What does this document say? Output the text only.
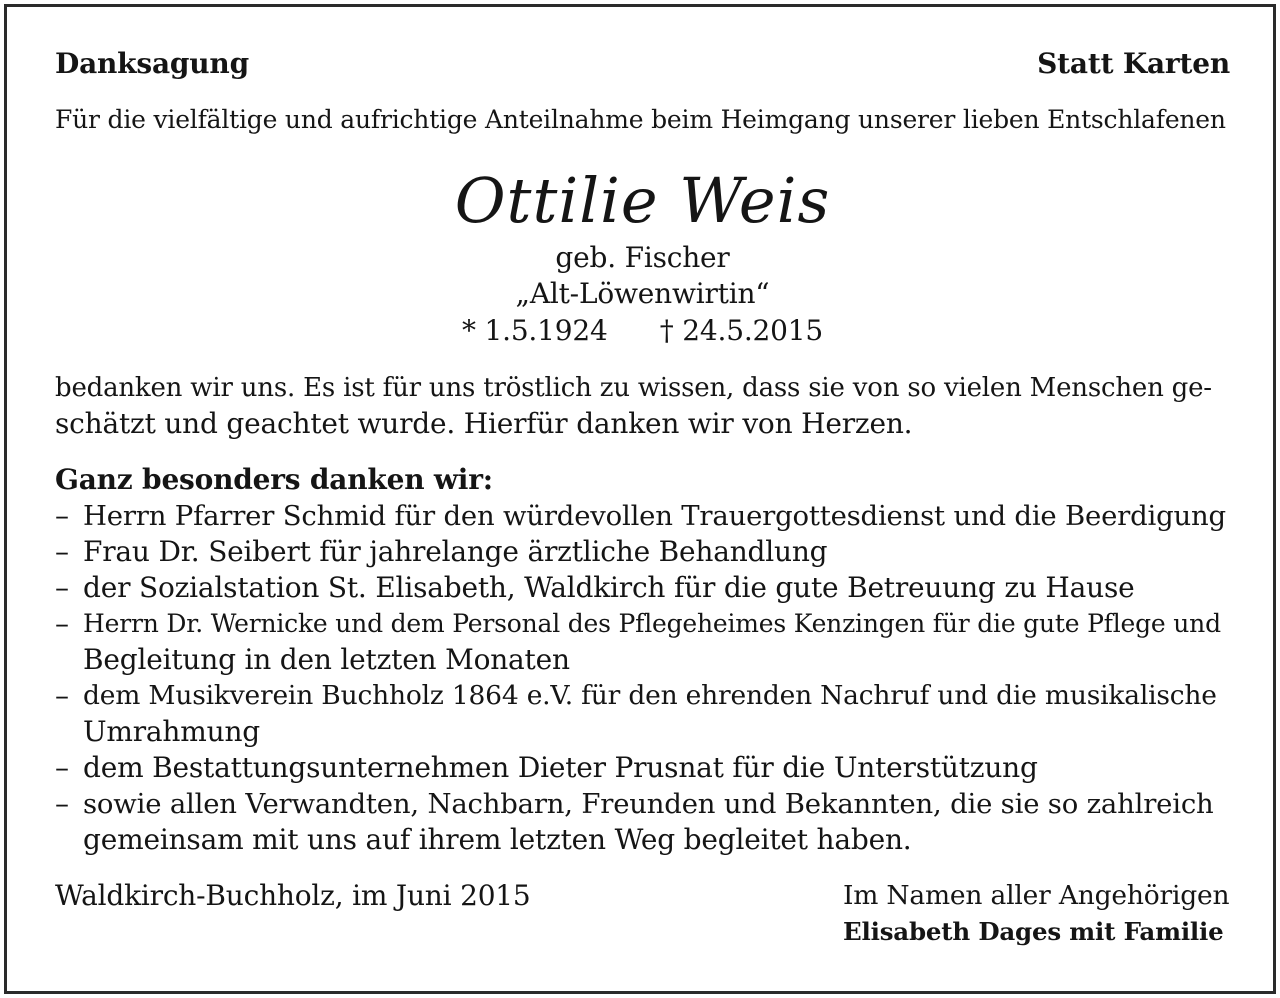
Danksagung	Statt Karten
Für die vielfältige und aufrichtige Anteilnahme beim Heimgang unserer lieben Entschlafenen
Ottilie Weis
geb. Fischer
„Alt-Löwenwirtin“
* 1.5.1924      † 24.5.2015
bedanken wir uns. Es ist für uns tröstlich zu wissen, dass sie von so vielen Menschen ge-
schätzt und geachtet wurde. Hierfür danken wir von Herzen.
Ganz besonders danken wir:
– Herrn Pfarrer Schmid für den würdevollen Trauergottesdienst und die Beerdigung
– Frau Dr. Seibert für jahrelange ärztliche Behandlung
– der Sozialstation St. Elisabeth, Waldkirch für die gute Betreuung zu Hause
– Herrn Dr. Wernicke und dem Personal des Pflegeheimes Kenzingen für die gute Pflege und
Begleitung in den letzten Monaten
– dem Musikverein Buchholz 1864 e.V. für den ehrenden Nachruf und die musikalische
Umrahmung
– dem Bestattungsunternehmen Dieter Prusnat für die Unterstützung
– sowie allen Verwandten, Nachbarn, Freunden und Bekannten, die sie so zahlreich
gemeinsam mit uns auf ihrem letzten Weg begleitet haben.
Waldkirch-Buchholz, im Juni 2015	Im Namen aller Angehörigen
Elisabeth Dages mit Familie
